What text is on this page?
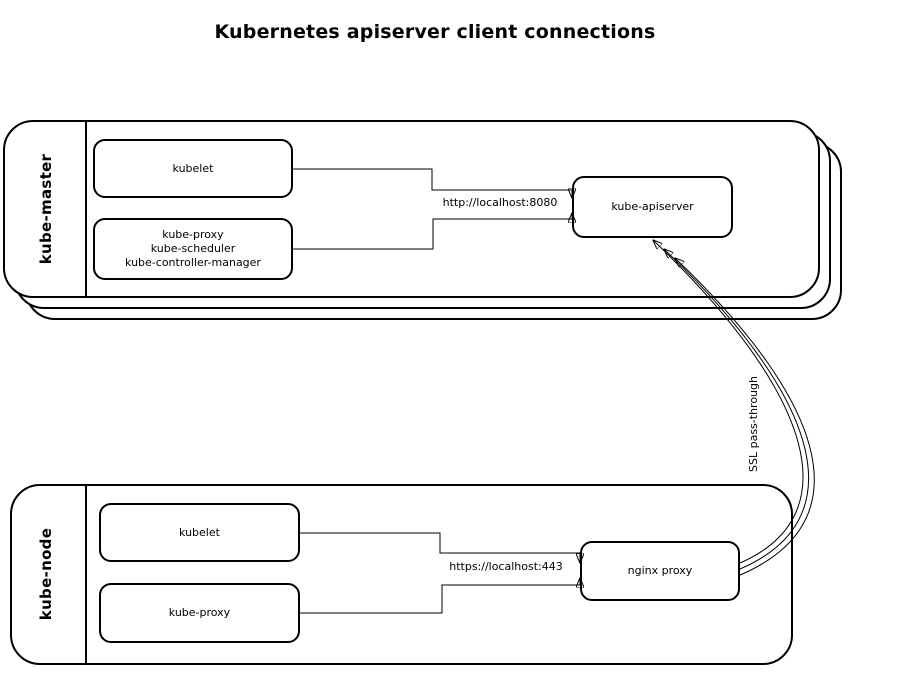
Kubernetes apiserver client connections
kube-master	kubelet
kube-proxy
kube-scheduler
kube-controller-manager
kube-apiserver
kube-node	kubelet
kube-proxy
nginx proxy
http://localhost:8080
https://localhost:443
SSL pass-through
